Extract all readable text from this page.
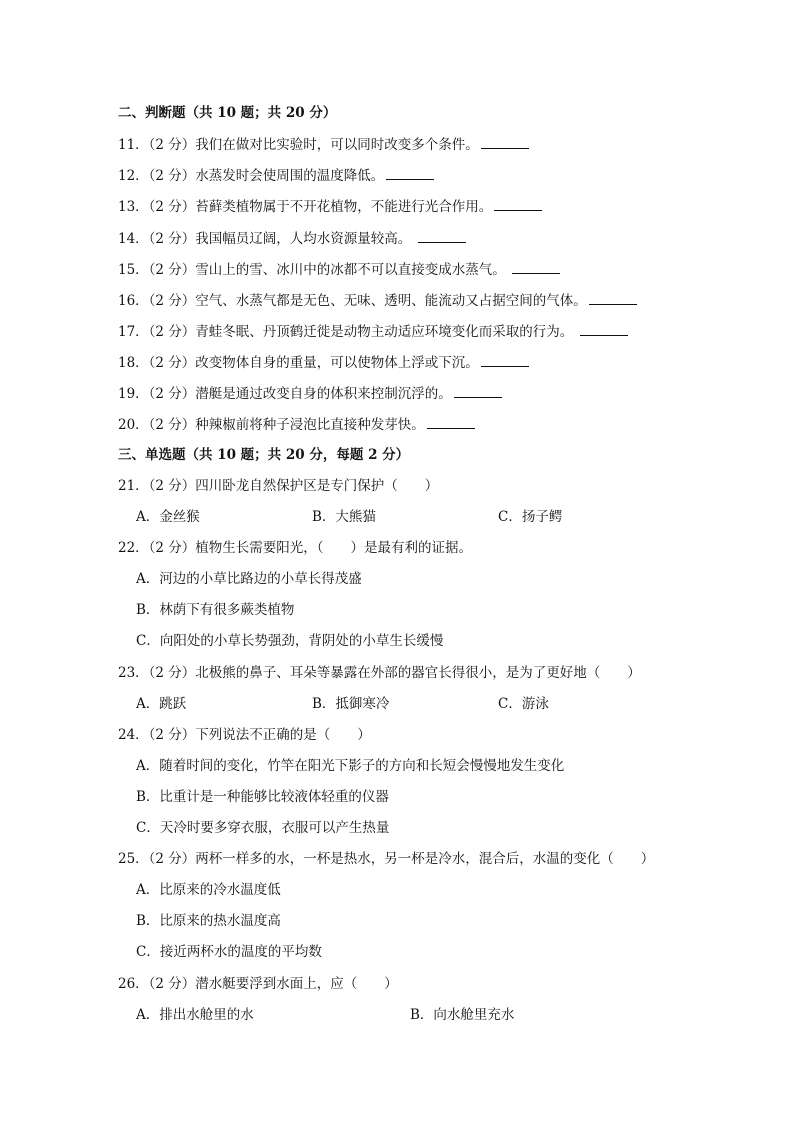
二、判断题（共 10 题；共 20 分）
11．（2 分）我们在做对比实验时，可以同时改变多个条件。
12．（2 分）水蒸发时会使周围的温度降低。
13．（2 分）苔藓类植物属于不开花植物，不能进行光合作用。
14．（2 分）我国幅员辽阔，人均水资源量较高。
15．（2 分）雪山上的雪、冰川中的冰都不可以直接变成水蒸气。
16．（2 分）空气、水蒸气都是无色、无味、透明、能流动又占据空间的气体。
17．（2 分）青蛙冬眠、丹顶鹤迁徙是动物主动适应环境变化而采取的行为。
18．（2 分）改变物体自身的重量，可以使物体上浮或下沉。
19．（2 分）潜艇是通过改变自身的体积来控制沉浮的。
20．（2 分）种辣椒前将种子浸泡比直接种发芽快。
三、单选题（共 10 题；共 20 分，每题 2 分）
21．（2 分）四川卧龙自然保护区是专门保护（　　）
A．金丝猴	B．大熊猫	C．扬子鳄
22．（2 分）植物生长需要阳光，（　　）是最有利的证据。
A．河边的小草比路边的小草长得茂盛
B．林荫下有很多蕨类植物
C．向阳处的小草长势强劲，背阴处的小草生长缓慢
23．（2 分）北极熊的鼻子、耳朵等暴露在外部的器官长得很小，是为了更好地（　　）
A．跳跃	B．抵御寒冷	C．游泳
24．（2 分）下列说法不正确的是（　　）
A．随着时间的变化，竹竿在阳光下影子的方向和长短会慢慢地发生变化
B．比重计是一种能够比较液体轻重的仪器
C．天冷时要多穿衣服，衣服可以产生热量
25．（2 分）两杯一样多的水，一杯是热水，另一杯是冷水，混合后，水温的变化（　　）
A．比原来的冷水温度低
B．比原来的热水温度高
C．接近两杯水的温度的平均数
26．（2 分）潜水艇要浮到水面上，应（　　）
A．排出水舱里的水	B．向水舱里充水
